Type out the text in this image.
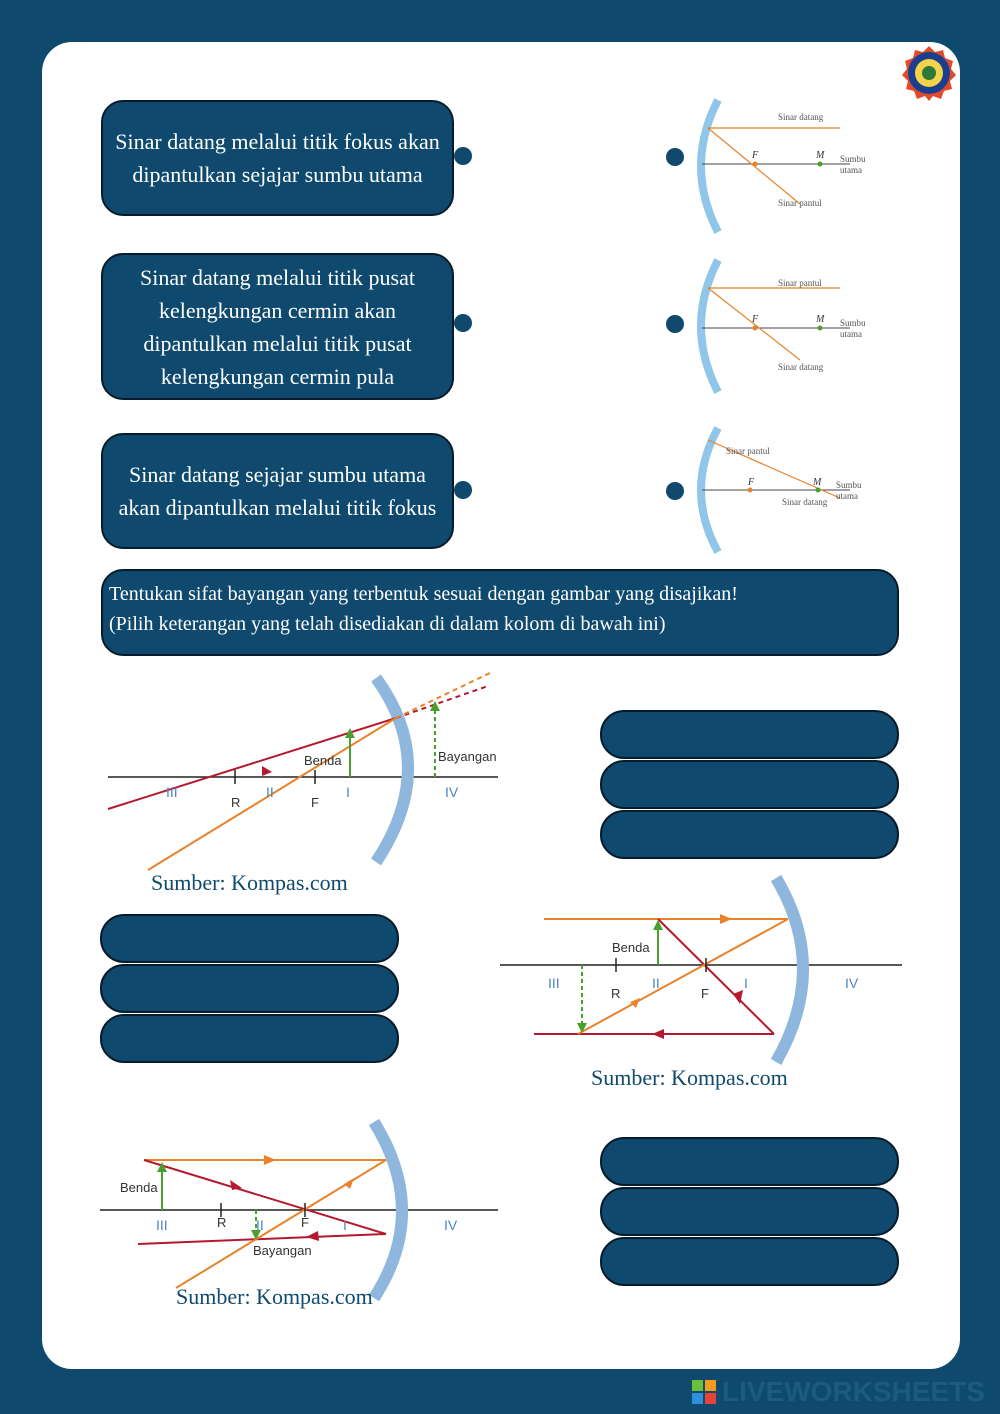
Sinar datang melalui titik fokus akan dipantulkan sejajar sumbu utama
Sinar datang melalui titik pusat kelengkungan cermin akan dipantulkan melalui titik pusat kelengkungan cermin pula
Sinar datang sejajar sumbu utama akan dipantulkan melalui titik fokus
Sinar datang
Sinar pantul
F	M Sumbu
utama
Sinar pantul
Sinar datang
F	M Sumbu
utama
Sinar pantul
Sinar datang
F	M Sumbu
utama
Tentukan sifat bayangan yang terbentuk sesuai dengan gambar yang disajikan!
(Pilih keterangan yang telah disediakan di dalam kolom di bawah ini)
Benda	Bayangan
R	F
I
II
III	IV
Sumber: Kompas.com
Benda
R	F
I
II
III	IV
Sumber: Kompas.com
Benda
Bayangan
R	F I
II
III	IV
Sumber: Kompas.com
LIVEWORKSHEETS
